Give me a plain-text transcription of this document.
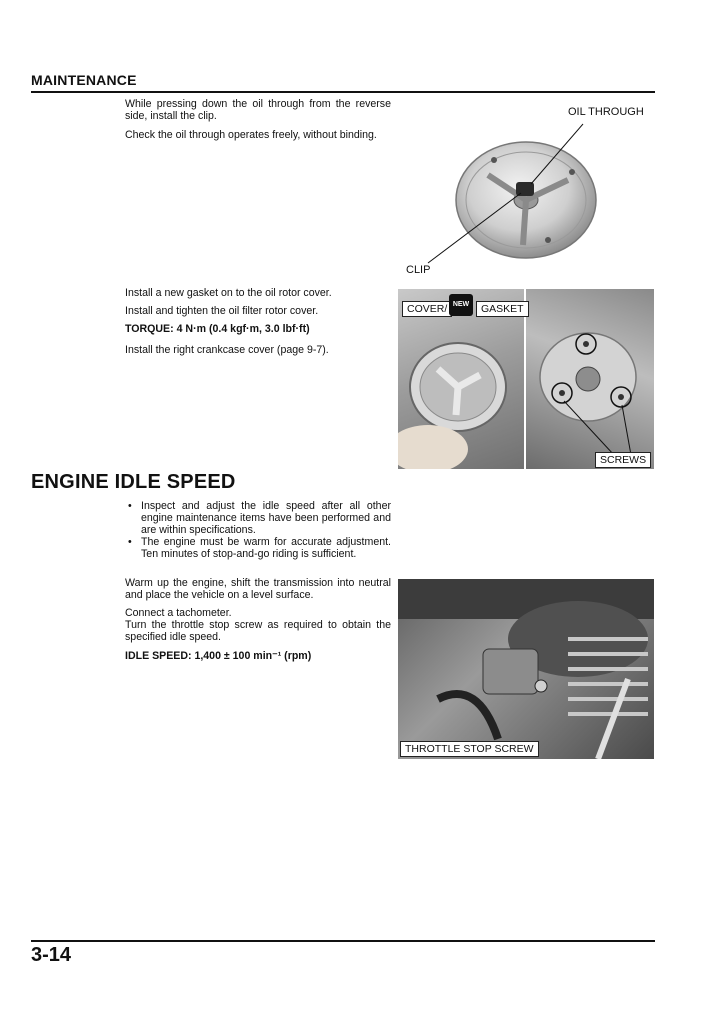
MAINTENANCE
While pressing down the oil through from the reverse side, install the clip.
Check the oil through operates freely, without binding.
OIL THROUGH
CLIP
Install a new gasket on to the oil rotor cover.
Install and tighten the oil filter rotor cover.
TORQUE: 4 N·m (0.4 kgf·m, 3.0 lbf·ft)
Install the right crankcase cover (page 9-7).
COVER/ NEW	GASKET
SCREWS
ENGINE IDLE SPEED
• Inspect and adjust the idle speed after all other engine maintenance items have been performed and are within specifications.
• The engine must be warm for accurate adjustment. Ten minutes of stop-and-go riding is sufficient.
Warm up the engine, shift the transmission into neutral and place the vehicle on a level surface.
Connect a tachometer.
Turn the throttle stop screw as required to obtain the specified idle speed.
IDLE SPEED: 1,400 ± 100 min⁻¹ (rpm)
THROTTLE STOP SCREW
3-14
